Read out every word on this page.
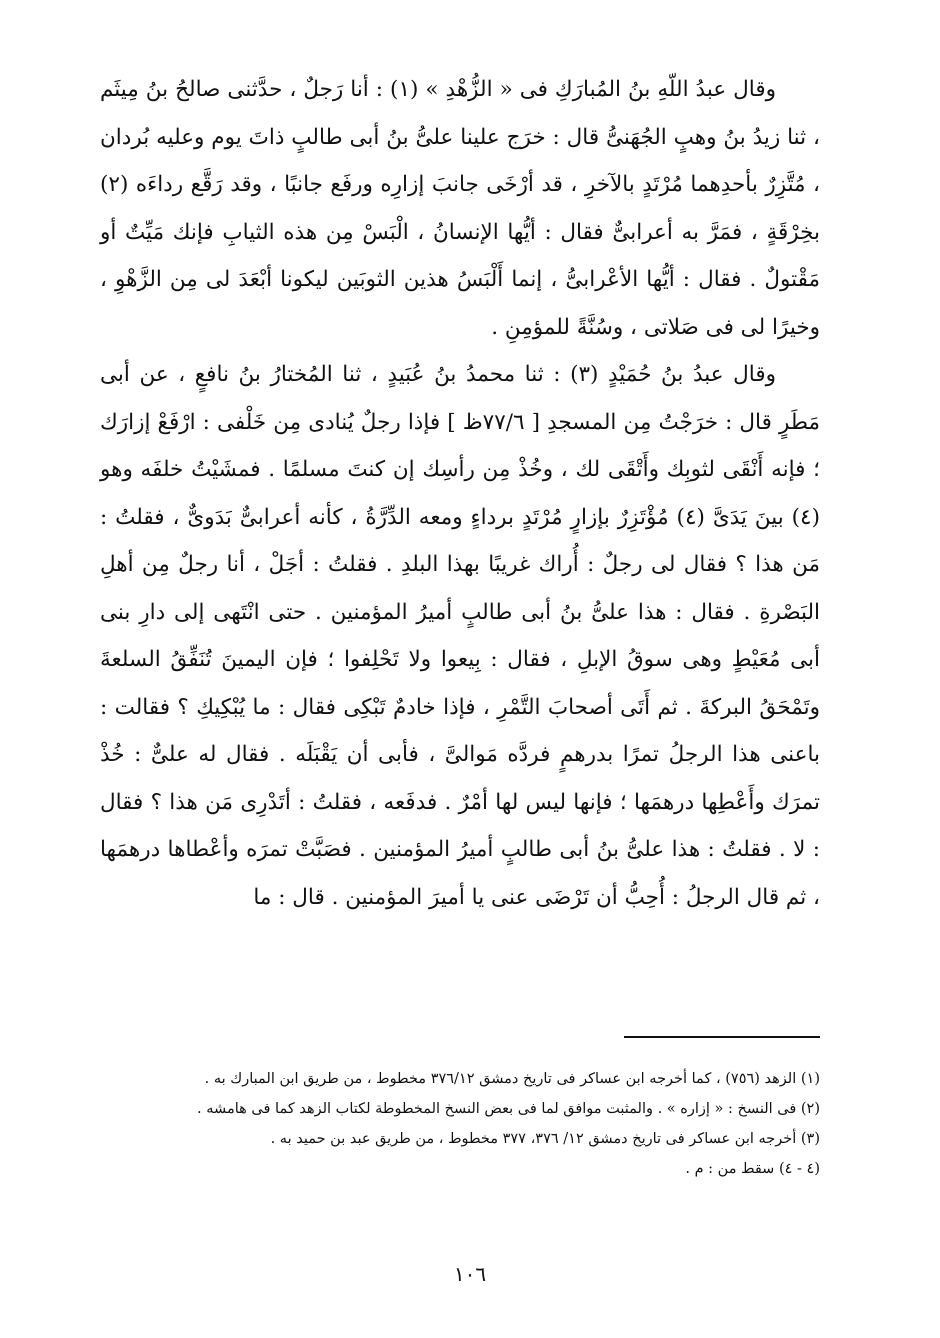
وقال عبدُ اللّهِ بنُ المُبارَكِ فى « الزُّهْدِ » (١) : أنا رَجلٌ ، حدَّثنى صالحُ بنُ مِيثَم ، ثنا زيدُ بنُ وهبٍ الجُهَنىُّ قال : خرَج علينا علىُّ بنُ أبى طالبٍ ذاتَ يوم وعليه بُردان ، مُتَّزِرٌ بأحدِهما مُرْتَدٍ بالآخرِ ، قد أرْخَى جانبَ إزارِه ورفَع جانبًا ، وقد رَقَّع رداءَه (٢) بخِرْقَةٍ ، فمَرَّ به أعرابىٌّ فقال : أيُّها الإنسانُ ، الْبَسْ مِن هذه الثيابِ فإنك مَيِّتٌ أو مَقْتولٌ . فقال : أيُّها الأعْرابىُّ ، إنما أَلْبَسُ هذين الثوبَين ليكونا أبْعَدَ لى مِن الزَّهْوِ ، وخيرًا لى فى صَلاتى ، وسُنَّةً للمؤمِنِ .

وقال عبدُ بنُ حُمَيْدٍ (٣) : ثنا محمدُ بنُ عُبَيدٍ ، ثنا المُختارُ بنُ نافعٍ ، عن أبى مَطَرٍ قال : خرَجْتُ مِن المسجدِ [ ٧٧/٦ظ ] فإذا رجلٌ يُنادى مِن خَلْفى : ارْفَعْ إزارَك ؛ فإنه أَنْقَى لثوبِك وأَتْقَى لك ، وخُذْ مِن رأسِك إن كنتَ مسلمًا . فمشَيْتُ خلفَه وهو (٤) بينَ يَدَىَّ (٤) مُؤْتَزِرٌ بإزارٍ مُرْتَدٍ برداءٍ ومعه الدِّرَّةُ ، كأنه أعرابىٌّ بَدَوىٌّ ، فقلتُ : مَن هذا ؟ فقال لى رجلٌ : أُراك غريبًا بهذا البلدِ . فقلتُ : أجَلْ ، أنا رجلٌ مِن أهلِ البَصْرةِ . فقال : هذا علىُّ بنُ أبى طالبٍ أميرُ المؤمنين . حتى انْتَهى إلى دارِ بنى أبى مُعَيْطٍ وهى سوقُ الإبلِ ، فقال : بِيعوا ولا تَحْلِفوا ؛ فإن اليمينَ تُنَفِّقُ السلعةَ وتَمْحَقُ البركةَ . ثم أَتَى أصحابَ التَّمْرِ ، فإذا خادمٌ تَبْكِى فقال : ما يُبْكِيكِ ؟ فقالت : باعنى هذا الرجلُ تمرًا بدرهمٍ فردَّه مَوالىَّ ، فأبى أن يَقْبَلَه . فقال له علىٌّ : خُذْ تمرَك وأَعْطِها درهمَها ؛ فإنها ليس لها أمْرٌ . فدفَعه ، فقلتُ : أتَدْرِى مَن هذا ؟ فقال : لا . فقلتُ : هذا علىُّ بنُ أبى طالبٍ أميرُ المؤمنين . فصَبَّتْ تمرَه وأعْطاها درهمَها ، ثم قال الرجلُ : أُحِبُّ أن تَرْضَى عنى يا أميرَ المؤمنين . قال : ما

(١) الزهد (٧٥٦) ، كما أخرجه ابن عساكر فى تاريخ دمشق ٣٧٦/١٢ مخطوط ، من طريق ابن المبارك به .
(٢) فى النسخ : « إزاره » . والمثبت موافق لما فى بعض النسخ المخطوطة لكتاب الزهد كما فى هامشه .
(٣) أخرجه ابن عساكر فى تاريخ دمشق ١٢/ ٣٧٦، ٣٧٧ مخطوط ، من طريق عبد بن حميد به .
(٤ - ٤) سقط من : م .
١٠٦
